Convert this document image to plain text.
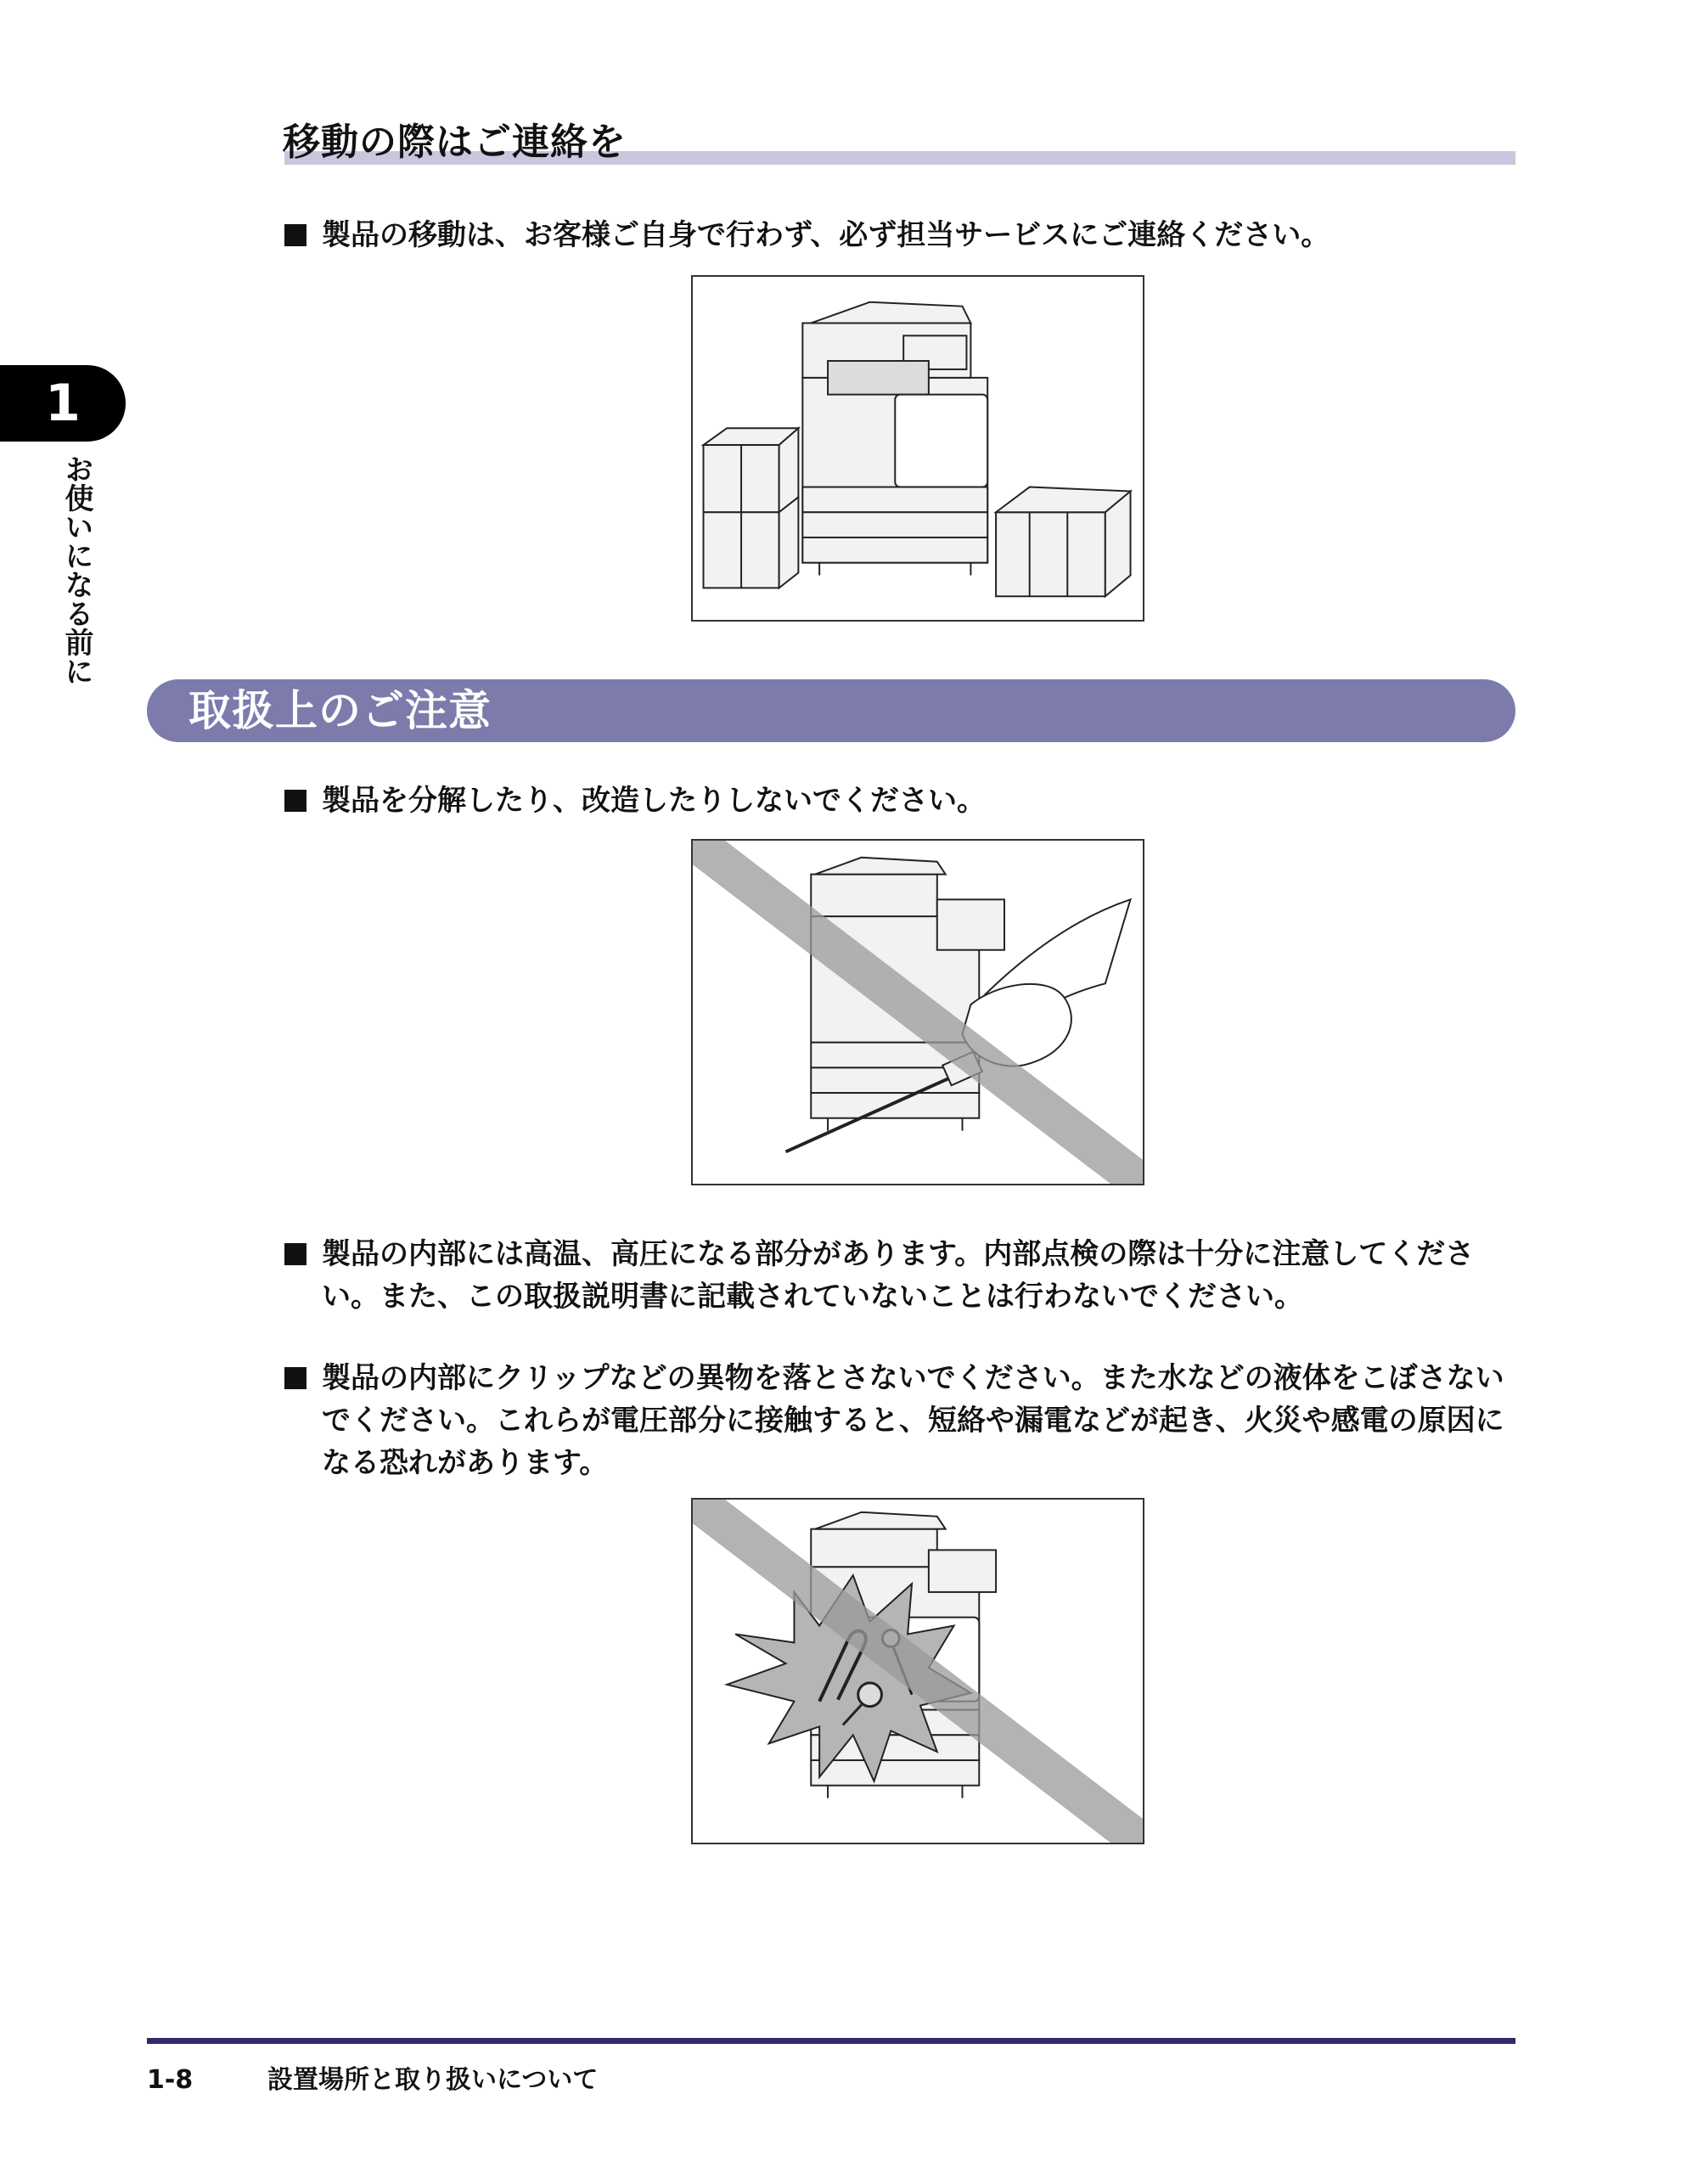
1
お使いになる前に
移動の際はご連絡を
製品の移動は、お客様ご自身で行わず、必ず担当サービスにご連絡ください。
取扱上のご注意
製品を分解したり、改造したりしないでください。
製品の内部には高温、高圧になる部分があります。内部点検の際は十分に注意してください。また、この取扱説明書に記載されていないことは行わないでください。
製品の内部にクリップなどの異物を落とさないでください。また水などの液体をこぼさないでください。これらが電圧部分に接触すると、短絡や漏電などが起き、火災や感電の原因になる恐れがあります。
1-8	設置場所と取り扱いについて
